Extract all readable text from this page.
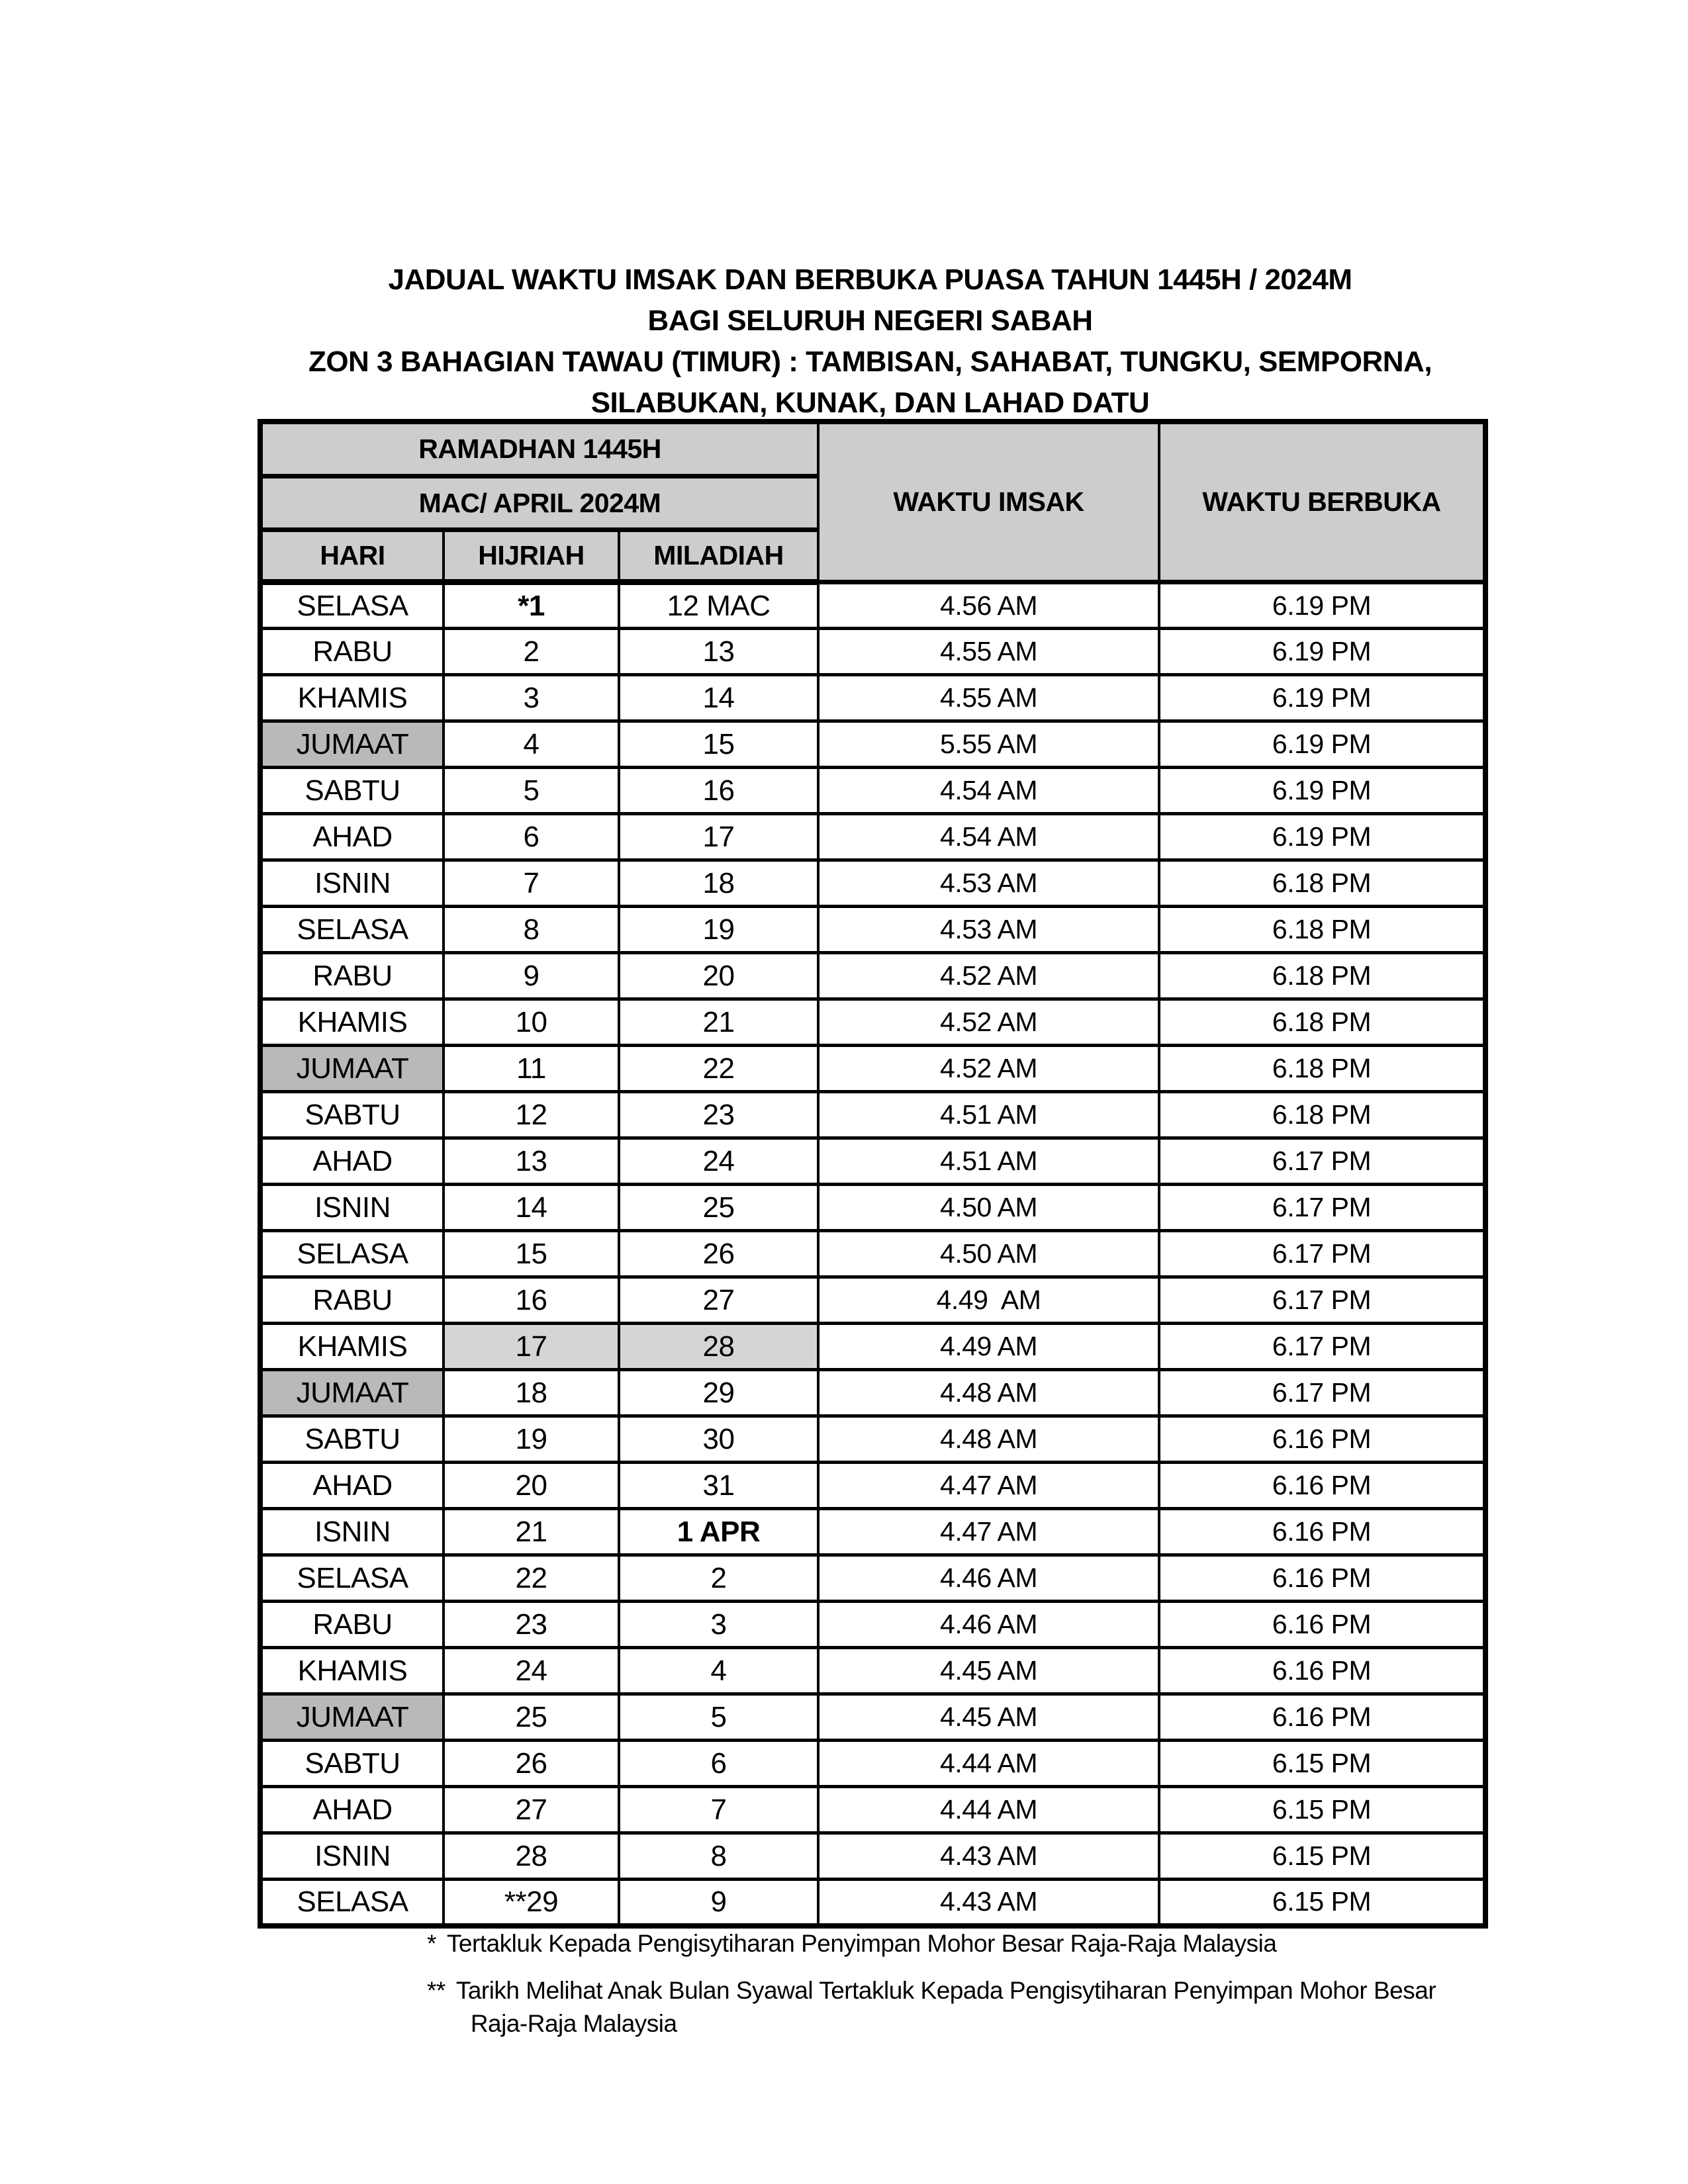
JADUAL WAKTU IMSAK DAN BERBUKA PUASA TAHUN 1445H / 2024M
BAGI SELURUH NEGERI SABAH
ZON 3 BAHAGIAN TAWAU (TIMUR) : TAMBISAN, SAHABAT, TUNGKU, SEMPORNA,
SILABUKAN, KUNAK, DAN LAHAD DATU
RAMADHAN 1445H			WAKTU IMSAK	WAKTU BERBUKA
MAC/ APRIL 2024M				
HARI	HIJRIAH	MILADIAH		
SELASA	*1	12 MAC	4.56 AM	6.19 PM
RABU	2	13	4.55 AM	6.19 PM
KHAMIS	3	14	4.55 AM	6.19 PM
JUMAAT	4	15	5.55 AM	6.19 PM
SABTU	5	16	4.54 AM	6.19 PM
AHAD	6	17	4.54 AM	6.19 PM
ISNIN	7	18	4.53 AM	6.18 PM
SELASA	8	19	4.53 AM	6.18 PM
RABU	9	20	4.52 AM	6.18 PM
KHAMIS	10	21	4.52 AM	6.18 PM
JUMAAT	11	22	4.52 AM	6.18 PM
SABTU	12	23	4.51 AM	6.18 PM
AHAD	13	24	4.51 AM	6.17 PM
ISNIN	14	25	4.50 AM	6.17 PM
SELASA	15	26	4.50 AM	6.17 PM
RABU	16	27	4.49  AM	6.17 PM
KHAMIS	17	28	4.49 AM	6.17 PM
JUMAAT	18	29	4.48 AM	6.17 PM
SABTU	19	30	4.48 AM	6.16 PM
AHAD	20	31	4.47 AM	6.16 PM
ISNIN	21	1 APR	4.47 AM	6.16 PM
SELASA	22	2	4.46 AM	6.16 PM
RABU	23	3	4.46 AM	6.16 PM
KHAMIS	24	4	4.45 AM	6.16 PM
JUMAAT	25	5	4.45 AM	6.16 PM
SABTU	26	6	4.44 AM	6.15 PM
AHAD	27	7	4.44 AM	6.15 PM
ISNIN	28	8	4.43 AM	6.15 PM
SELASA	**29	9	4.43 AM	6.15 PM
* Tertakluk Kepada Pengisytiharan Penyimpan Mohor Besar Raja-Raja Malaysia
** Tarikh Melihat Anak Bulan Syawal Tertakluk Kepada Pengisytiharan Penyimpan Mohor Besar
Raja-Raja Malaysia
